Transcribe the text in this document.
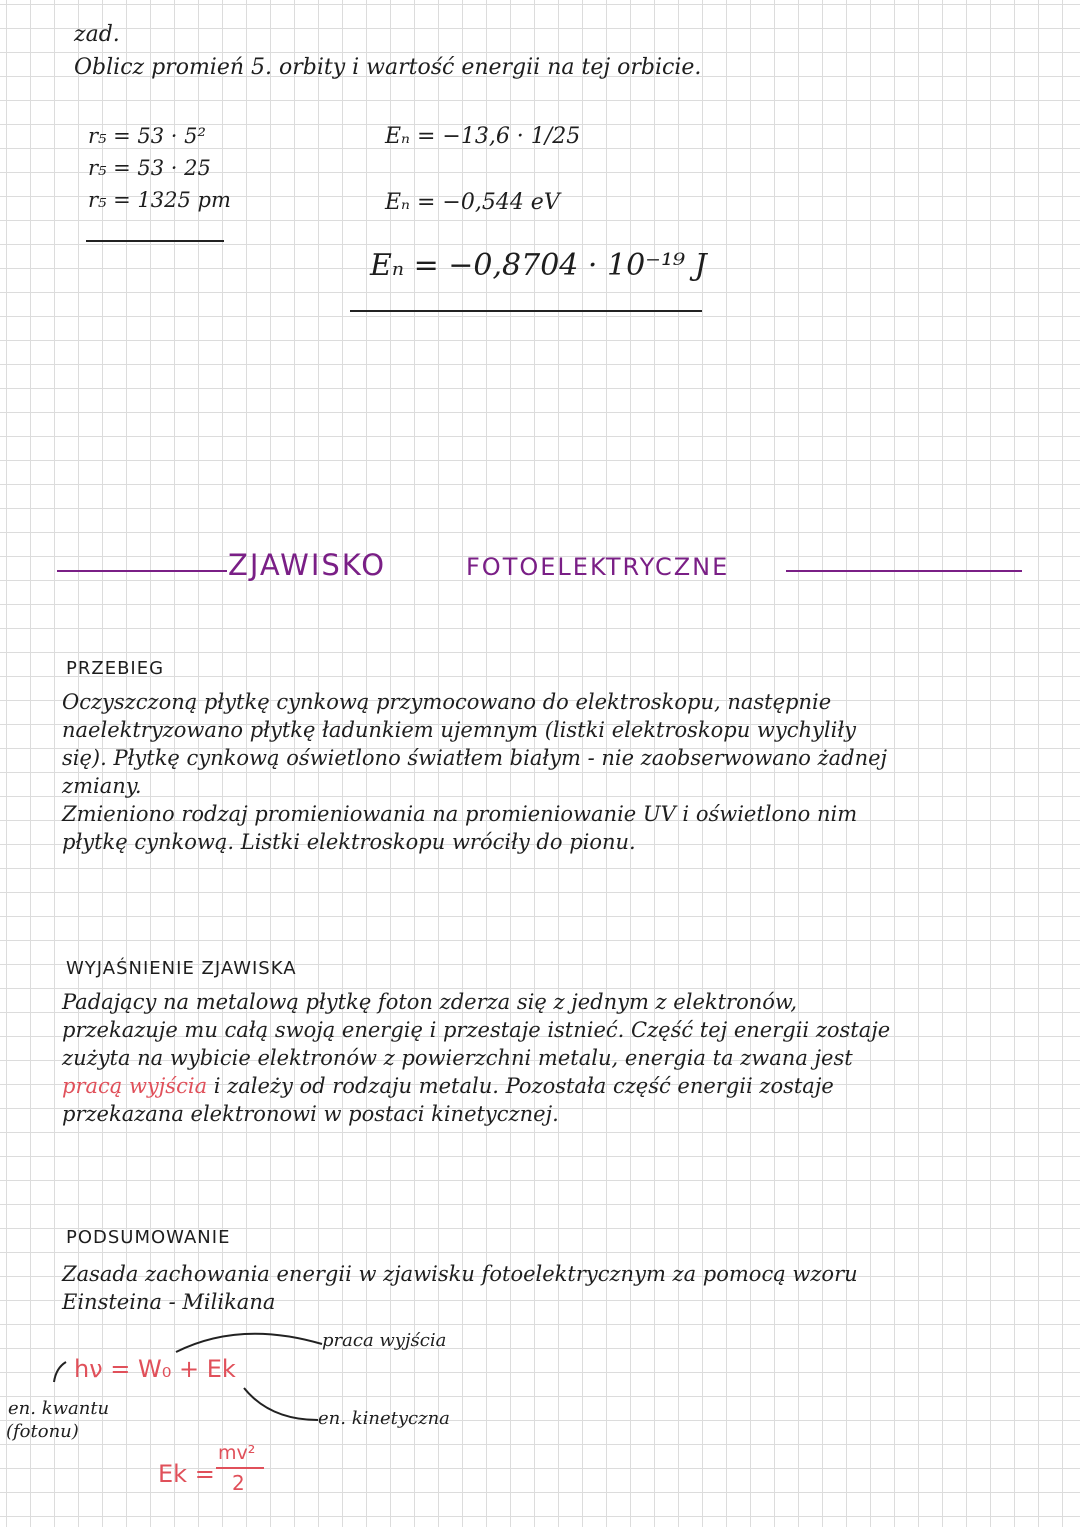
zad.
Oblicz promień 5. orbity i wartość energii na tej orbicie.
r₅ = 53 · 5²
r₅ = 53 · 25
r₅ = 1325 pm
Eₙ = −13,6 · 1/25
Eₙ = −0,544 eV
Eₙ = −0,8704 · 10⁻¹⁹ J
ZJAWISKO	FOTOELEKTRYCZNE
PRZEBIEG
Oczyszczoną płytkę cynkową przymocowano do elektroskopu, następnie
naelektryzowano płytkę ładunkiem ujemnym (listki elektroskopu wychyliły
się). Płytkę cynkową oświetlono światłem białym - nie zaobserwowano żadnej
zmiany.
Zmieniono rodzaj promieniowania na promieniowanie UV i oświetlono nim
płytkę cynkową. Listki elektroskopu wróciły do pionu.
WYJAŚNIENIE ZJAWISKA
Padający na metalową płytkę foton zderza się z jednym z elektronów,
przekazuje mu całą swoją energię i przestaje istnieć. Część tej energii zostaje
zużyta na wybicie elektronów z powierzchni metalu, energia ta zwana jest
pracą wyjścia i zależy od rodzaju metalu. Pozostała część energii zostaje
przekazana elektronowi w postaci kinetycznej.
PODSUMOWANIE
Zasada zachowania energii w zjawisku fotoelektrycznym za pomocą wzoru
Einsteina - Milikana
hν = W₀ + Ek
praca wyjścia
en. kinetyczna
en. kwantu
(fotonu)
Ek =
mv²
2
